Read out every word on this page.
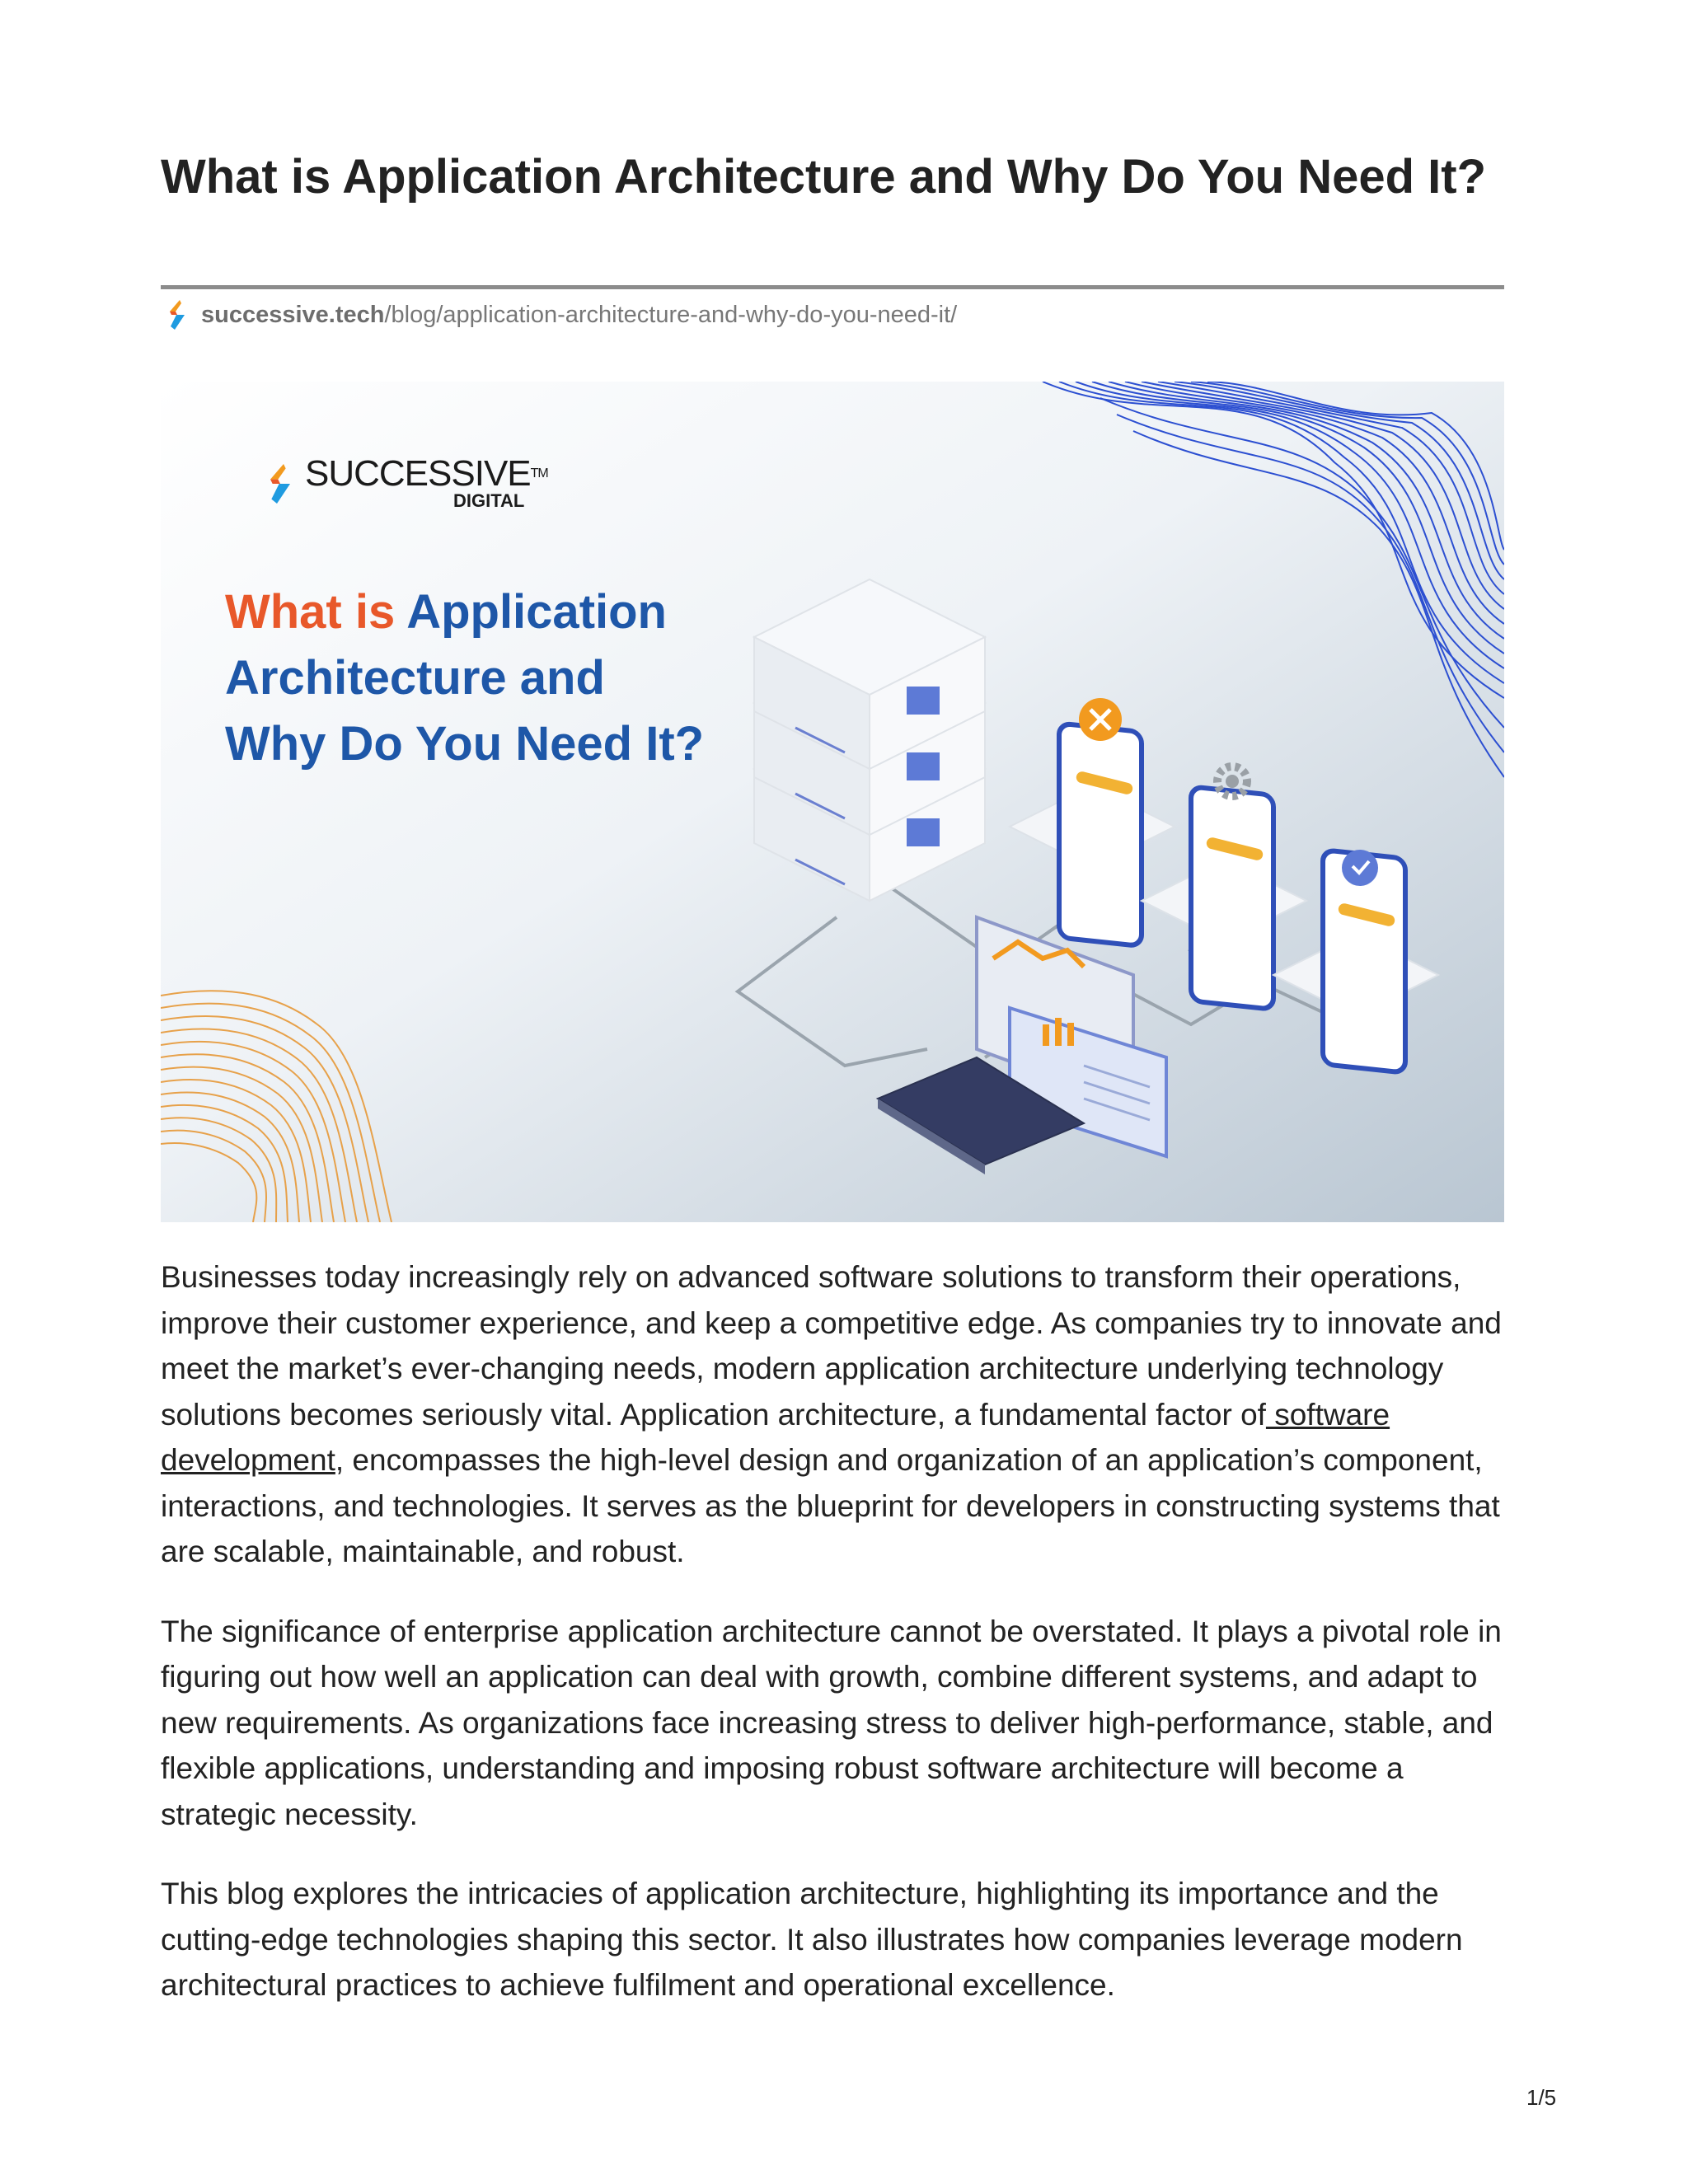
What is Application Architecture and Why Do You Need It?
successive.tech /blog/application-architecture-and-why-do-you-need-it/
SUCCESSIVE™
DIGITAL
What is Application
Architecture and
Why Do You Need It?

Businesses today increasingly rely on advanced software solutions to transform their operations, improve their customer experience, and keep a competitive edge. As companies try to innovate and meet the market’s ever-changing needs, modern application architecture underlying technology solutions becomes seriously vital. Application architecture, a fundamental factor of software development, encompasses the high-level design and organization of an application’s component, interactions, and technologies. It serves as the blueprint for developers in constructing systems that are scalable, maintainable, and robust.

The significance of enterprise application architecture cannot be overstated. It plays a pivotal role in figuring out how well an application can deal with growth, combine different systems, and adapt to new requirements. As organizations face increasing stress to deliver high-performance, stable, and flexible applications, understanding and imposing robust software architecture will become a strategic necessity.

This blog explores the intricacies of application architecture, highlighting its importance and the cutting-edge technologies shaping this sector. It also illustrates how companies leverage modern architectural practices to achieve fulfilment and operational excellence.

1/5
